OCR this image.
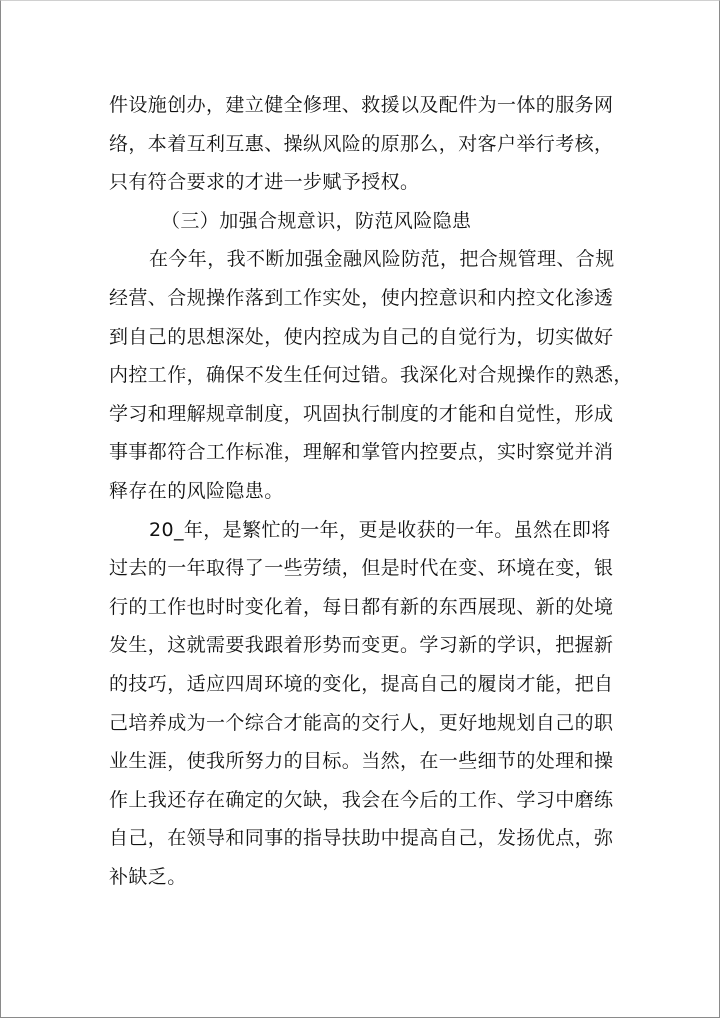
件设施创办，建立健全修理、救援以及配件为一体的服务网
络，本着互利互惠、操纵风险的原那么，对客户举行考核，
只有符合要求的才进一步赋予授权。
（三）加强合规意识，防范风险隐患
在今年，我不断加强金融风险防范，把合规管理、合规
经营、合规操作落到工作实处，使内控意识和内控文化渗透
到自己的思想深处，使内控成为自己的自觉行为，切实做好
内控工作，确保不发生任何过错。我深化对合规操作的熟悉，
学习和理解规章制度，巩固执行制度的才能和自觉性，形成
事事都符合工作标准，理解和掌管内控要点，实时察觉并消
释存在的风险隐患。
20_年，是繁忙的一年，更是收获的一年。虽然在即将
过去的一年取得了一些劳绩，但是时代在变、环境在变，银
行的工作也时时变化着，每日都有新的东西展现、新的处境
发生，这就需要我跟着形势而变更。学习新的学识，把握新
的技巧，适应四周环境的变化，提高自己的履岗才能，把自
己培养成为一个综合才能高的交行人，更好地规划自己的职
业生涯，使我所努力的目标。当然，在一些细节的处理和操
作上我还存在确定的欠缺，我会在今后的工作、学习中磨练
自己，在领导和同事的指导扶助中提高自己，发扬优点，弥
补缺乏。
